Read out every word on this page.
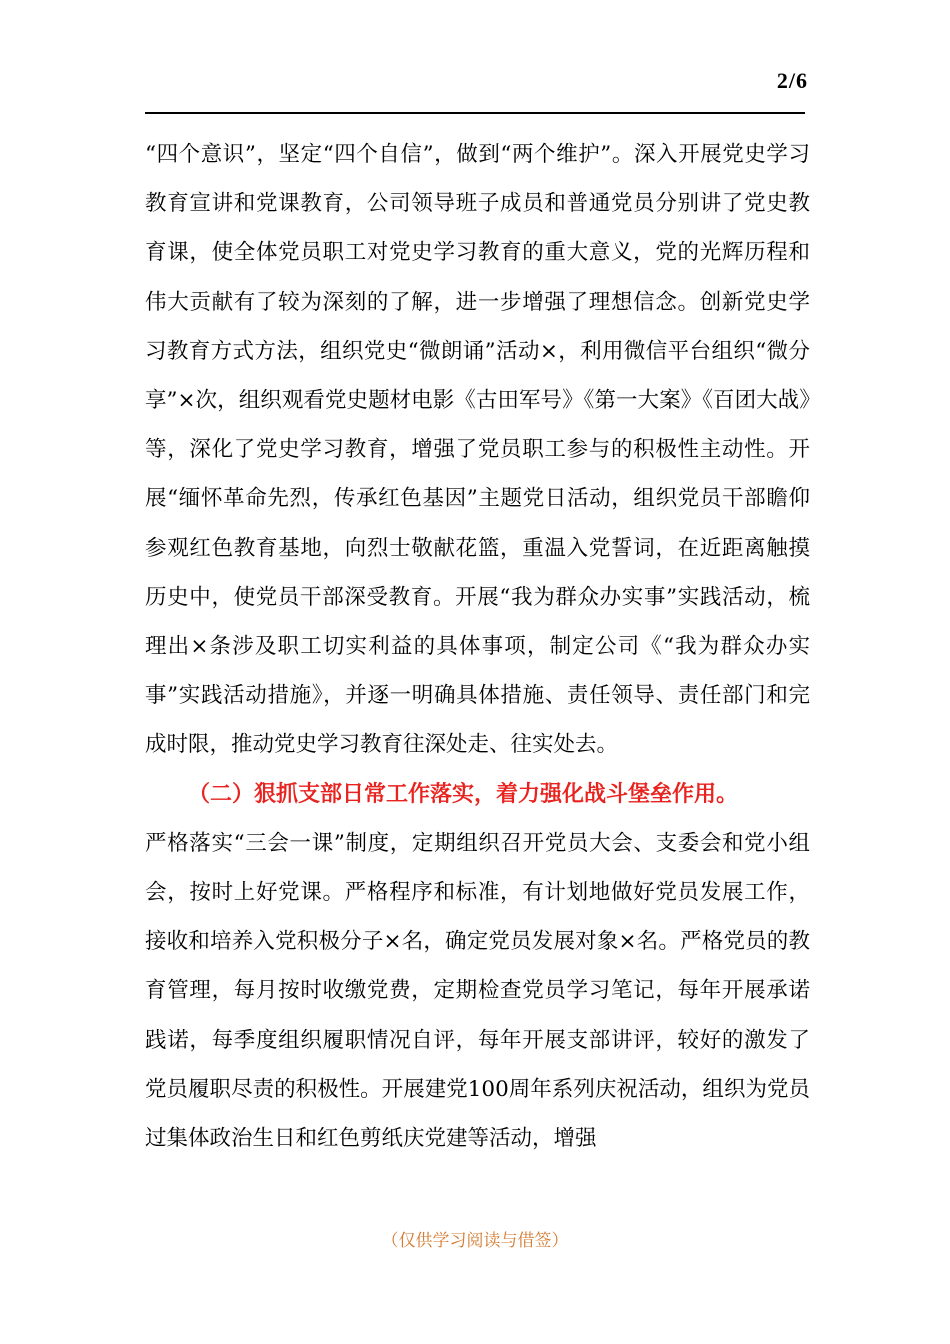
2/6

“四个意识”，坚定“四个自信”，做到“两个维护”。深入开展党史学习教育宣讲和党课教育，公司领导班子成员和普通党员分别讲了党史教育课，使全体党员职工对党史学习教育的重大意义，党的光辉历程和伟大贡献有了较为深刻的了解，进一步增强了理想信念。创新党史学习教育方式方法，组织党史“微朗诵”活动×，利用微信平台组织“微分享”×次，组织观看党史题材电影《古田军号》《第一大案》《百团大战》等，深化了党史学习教育，增强了党员职工参与的积极性主动性。开展“缅怀革命先烈，传承红色基因”主题党日活动，组织党员干部瞻仰参观红色教育基地，向烈士敬献花篮，重温入党誓词，在近距离触摸历史中，使党员干部深受教育。开展“我为群众办实事”实践活动，梳理出×条涉及职工切实利益的具体事项，制定公司《“我为群众办实事”实践活动措施》，并逐一明确具体措施、责任领导、责任部门和完成时限，推动党史学习教育往深处走、往实处去。

（二）狠抓支部日常工作落实，着力强化战斗堡垒作用。

严格落实“三会一课”制度，定期组织召开党员大会、支委会和党小组会，按时上好党课。严格程序和标准，有计划地做好党员发展工作，接收和培养入党积极分子×名，确定党员发展对象×名。严格党员的教育管理，每月按时收缴党费，定期检查党员学习笔记，每年开展承诺践诺，每季度组织履职情况自评，每年开展支部讲评，较好的激发了党员履职尽责的积极性。开展建党100周年系列庆祝活动，组织为党员过集体政治生日和红色剪纸庆党建等活动，增强

（仅供学习阅读与借签）
